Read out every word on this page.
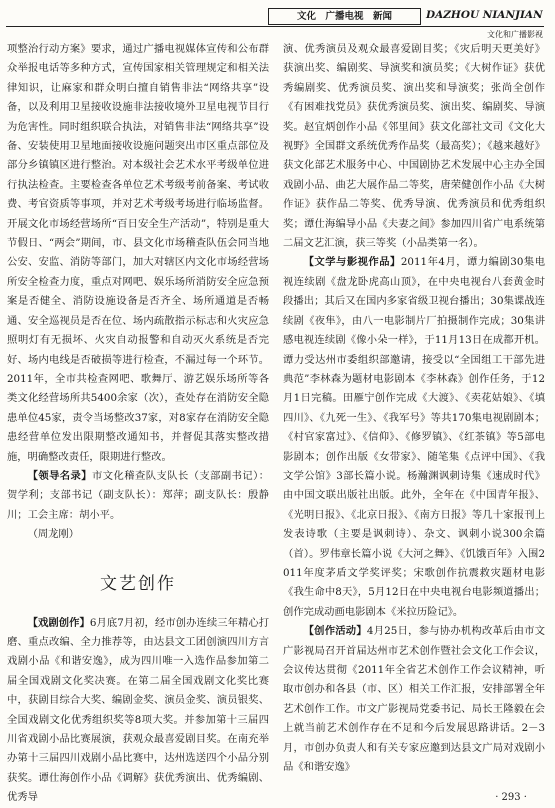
文化　广播电视　新闻	DAZHOU NIANJIAN
文化和广播影视

项整治行动方案》要求，通过广播电视媒体宣传和公布群众举报电话等多种方式，宣传国家相关管理规定和相关法律知识，让麻家和群众明白擅自销售非法“网络共享”设备，以及利用卫星接收设施非法接收境外卫星电视节目行为危害性。同时组织联合执法，对销售非法“网络共享”设备、安装使用卫星地面接收设施问题突出市区重点部位及部分乡镇镇区进行整治。对本级社会艺术水平考级单位进行执法检查。主要检查各单位艺术考级考前备案、考试收费、考官资质等事项，并对艺术考级考场进行临场监督。开展文化市场经营场所“百日安全生产活动”，特别是重大节假日、“两会”期间，市、县文化市场稽查队伍会同当地公安、安监、消防等部门，加大对辖区内文化市场经营场所安全检查力度，重点对网吧、娱乐场所消防安全应急预案是否健全、消防设施设备是否齐全、场所通道是否畅通、安全巡视员是否在位、场内疏散指示标志和火灾应急照明灯有无损坏、火灾自动报警和自动灭火系统是否完好、场内电线是否破损等进行检查，不漏过每一个环节。2011年，全市共检查网吧、歌舞厅、游艺娱乐场所等各类文化经营场所共5400余家（次），查处存在消防安全隐患单位45家，责令当场整改37家，对8家存在消防安全隐患经营单位发出限期整改通知书，并督促其落实整改措施，明确整改责任，限期进行整改。

【领导名录】市文化稽查队支队长（支部副书记）：贺学利；支部书记（副支队长）：郑萍；副支队长：殷静川；工会主席：胡小平。

（周龙刚）

文艺创作

【戏剧创作】6月底7月初，经市创办连续三年精心打磨、重点改编、全力推荐等，由达县文工团创演四川方言戏剧小品《和谐安逸》，成为四川唯一入选作品参加第二届全国戏剧文化奖决赛。在第二届全国戏剧文化奖比赛中，获剧目综合大奖、编剧金奖、演员金奖、演员银奖、全国戏剧文化优秀组织奖等8项大奖。并参加第十三届四川省戏剧小品比赛展演，获观众最喜爱剧目奖。在南充举办第十三届四川戏剧小品比赛中，达州选送四个小品分别获奖。谭仕海创作小品《调解》获优秀演出、优秀编剧、优秀导

演、优秀演员及观众最喜爱剧目奖；《灾后明天更美好》获演出奖、编剧奖、导演奖和演员奖；《大树作证》获优秀编剧奖、优秀演员奖、演出奖和导演奖；张尚全创作《有困难找党员》获优秀演员奖、演出奖、编剧奖、导演奖。赵宜炳创作小品《邻里间》获文化部社文司《文化大视野》全国群文系统优秀作品奖（最高奖）；《越来越好》获文化部艺术服务中心、中国剧协艺术发展中心主办全国戏剧小品、曲艺大展作品二等奖，唐荣健创作小品《大树作证》获作品二等奖、优秀导演、优秀演员和优秀组织奖；谭仕海编导小品《夫妻之间》参加四川省广电系统第二届文艺汇演，获三等奖（小品类第一名）。

【文学与影视作品】2011年4月，谭力编剧30集电视连续剧《盘龙卧虎高山顶》，在中央电视台八套黄金时段播出；其后又在国内多家省级卫视台播出；30集谍战连续剧《夜隼》，由八一电影制片厂拍摄制作完成；30集讲感电视连续剧《像小朵一样》，于11月13日在成都开机。谭力受达州市委组织部邀请，接受以“全国组工干部先进典范”李林森为题材电影剧本《李林森》创作任务，于12月1日完稿。田雁宁创作完成《大渡》、《卖花姑娘》、《填四川》、《九死一生》、《我军号》等共170集电视剧剧本；《村官家富过》、《信仰》、《修罗镇》、《红茶镇》等5部电影剧本；创作出版《女带家》、随笔集《点评中国》、《我文学公馆》3部长篇小说。杨瀚渊讽刺诗集《速成时代》由中国文联出版社出版。此外，全年在《中国青年报》、《光明日报》、《北京日报》、《南方日报》等几十家报刊上发表诗歌（主要是讽刺诗）、杂文、讽刺小说300余篇（首）。罗伟章长篇小说《大河之舞》、《饥饿百年》入围2011年度茅盾文学奖评奖；宋歌创作抗震救灾题材电影《我生命中8天》，5月12日在中央电视台电影频道播出；创作完成动画电影剧本《米拉历险记》。

【创作活动】4月25日，参与协办机构改革后由市文广影视局召开首届达州市艺术创作暨社会文化工作会议，会议传达贯彻《2011年全省艺术创作工作会议精神，听取市创办和各县（市、区）相关工作汇报，安排部署全年艺术创作工作。市文广影视局党委书记、局长王隆毅在会上就当前艺术创作存在不足和今后发展思路讲话。2－3月，市创办负责人和有关专家应邀到达县文广局对戏剧小品《和谐安逸》

· 293 ·
